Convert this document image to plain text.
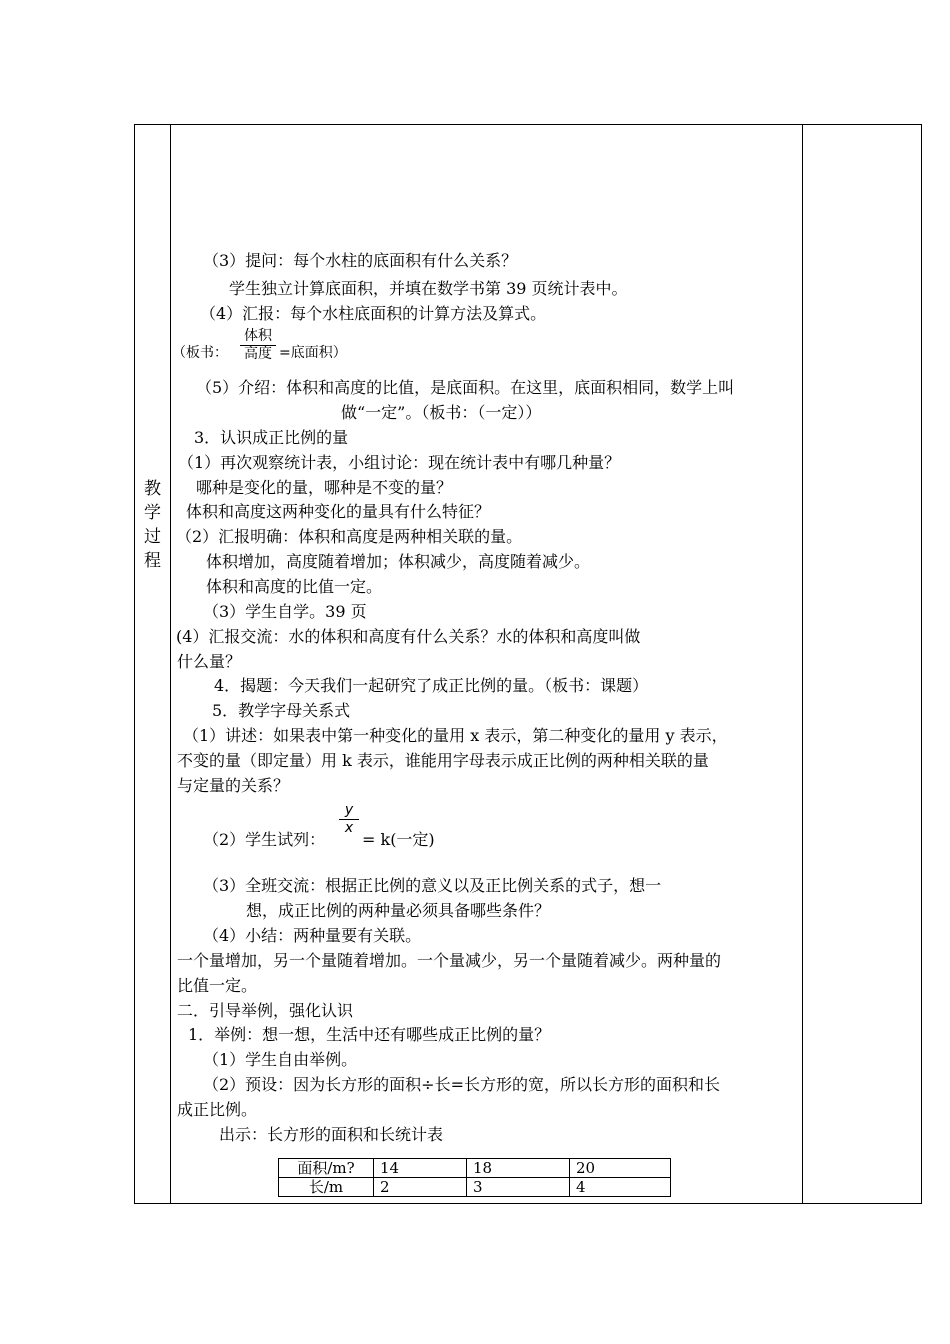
教
学
过
程
（3）提问：每个水柱的底面积有什么关系？
学生独立计算底面积，并填在数学书第 39 页统计表中。
（4）汇报：每个水柱底面积的计算方法及算式。
（板书：
体积
高度 =底面积）
（5）介绍：体积和高度的比值，是底面积。在这里，底面积相同，数学上叫
做“一定”。（板书：（一定））
3．认识成正比例的量
（1）再次观察统计表，小组讨论：现在统计表中有哪几种量？
哪种是变化的量，哪种是不变的量？
体积和高度这两种变化的量具有什么特征？
（2）汇报明确：体积和高度是两种相关联的量。
体积增加，高度随着增加；体积减少，高度随着减少。
体积和高度的比值一定。
（3）学生自学。39 页
(4）汇报交流：水的体积和高度有什么关系？水的体积和高度叫做
什么量？
4．揭题：今天我们一起研究了成正比例的量。（板书：课题）
5．教学字母关系式
（1）讲述：如果表中第一种变化的量用 x 表示，第二种变化的量用 y 表示，
不变的量（即定量）用 k 表示，谁能用字母表示成正比例的两种相关联的量
与定量的关系？
y
x
（2）学生试列： = k(一定)
（3）全班交流：根据正比例的意义以及正比例关系的式子，想一
想，成正比例的两种量必须具备哪些条件？
（4）小结：两种量要有关联。
一个量增加，另一个量随着增加。一个量减少，另一个量随着减少。两种量的
比值一定。
二．引导举例，强化认识
1．举例：想一想，生活中还有哪些成正比例的量？
（1）学生自由举例。
（2）预设：因为长方形的面积÷长=长方形的宽，所以长方形的面积和长
成正比例。
出示：长方形的面积和长统计表
面积/m?	14	18	20
长/m	2	3	4
